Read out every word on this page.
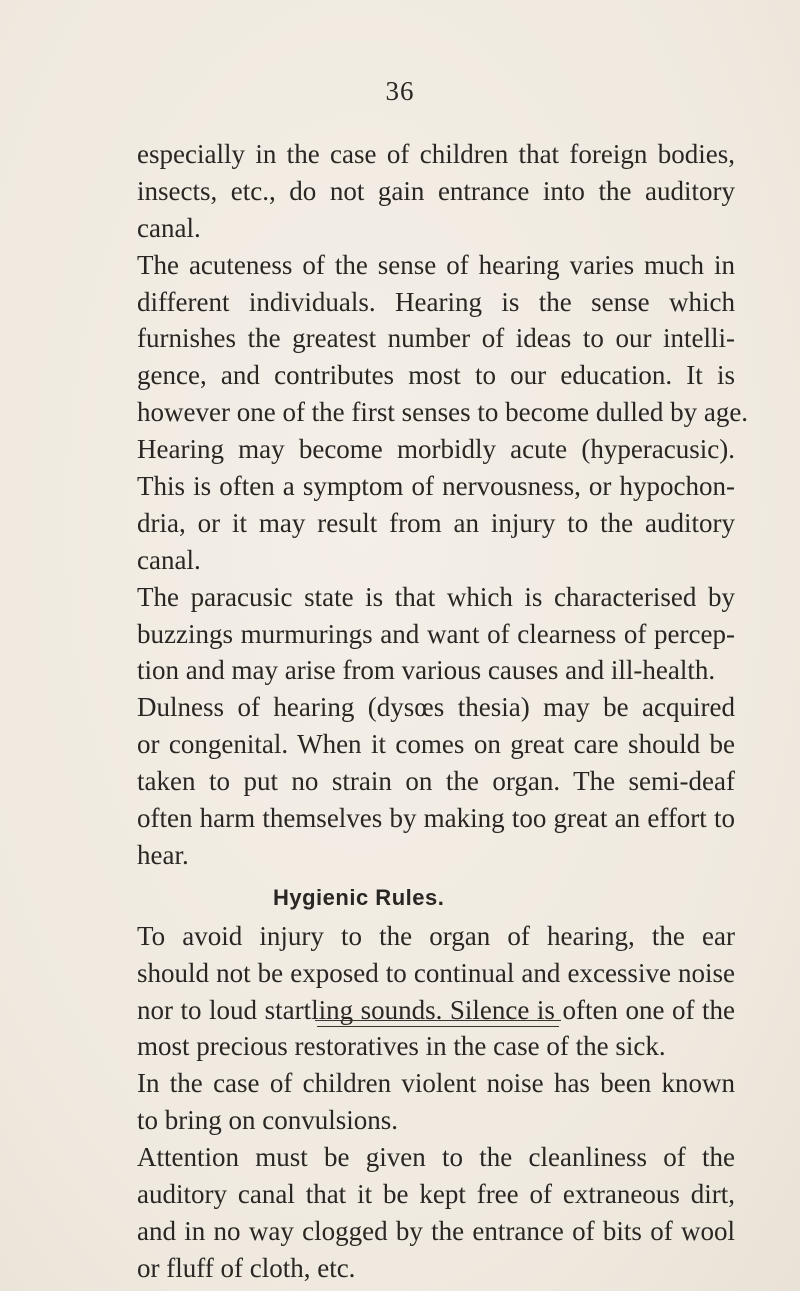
36
especially in the case of children that foreign bodies,
insects, etc., do not gain entrance into the auditory
canal.
The acuteness of the sense of hearing varies much in
different individuals. Hearing is the sense which
furnishes the greatest number of ideas to our intelli-
gence, and contributes most to our education. It is
however one of the first senses to become dulled by age.
Hearing may become morbidly acute (hyperacusic).
This is often a symptom of nervousness, or hypochon-
dria, or it may result from an injury to the auditory
canal.
The paracusic state is that which is characterised by
buzzings murmurings and want of clearness of percep-
tion and may arise from various causes and ill-health.
Dulness of hearing (dysœs thesia) may be acquired
or congenital. When it comes on great care should be
taken to put no strain on the organ. The semi-deaf
often harm themselves by making too great an effort to
hear.
Hygienic Rules.
To avoid injury to the organ of hearing, the ear
should not be exposed to continual and excessive noise
nor to loud startling sounds. Silence is often one of the
most precious restoratives in the case of the sick.
In the case of children violent noise has been known
to bring on convulsions.
Attention must be given to the cleanliness of the
auditory canal that it be kept free of extraneous dirt,
and in no way clogged by the entrance of bits of wool
or fluff of cloth, etc.
